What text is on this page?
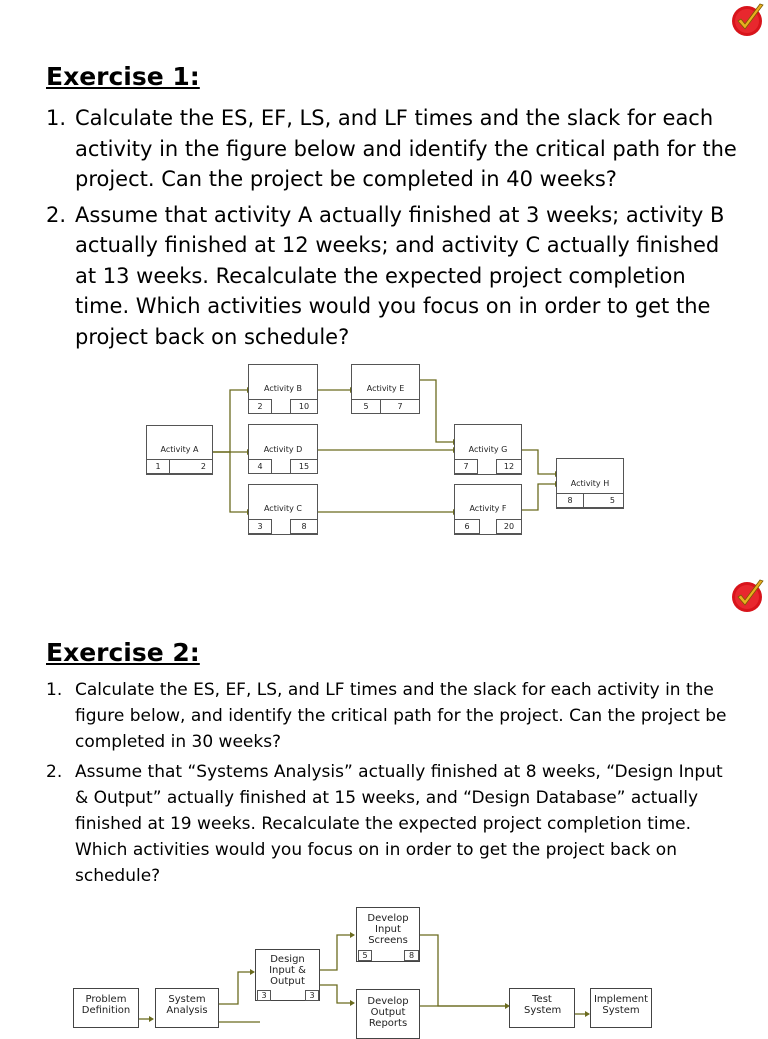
Exercise 1:
1. Calculate the ES, EF, LS, and LF times and the slack for each activity in the figure below and identify the critical path for the project. Can the project be completed in 40 weeks?
2. Assume that activity A actually finished at 3 weeks; activity B actually finished at 12 weeks; and activity C actually finished at 13 weeks. Recalculate the expected project completion time. Which activities would you focus on in order to get the project back on schedule?
Activity A
1	2
Activity B
2	10
Activity D
4	15
Activity C
3	8
Activity E
5	7
Activity G
7	12
Activity F
6	20
Activity H
8	5
Exercise 2:
1. Calculate the ES, EF, LS, and LF times and the slack for each activity in the figure below, and identify the critical path for the project. Can the project be completed in 30 weeks?
2. Assume that “Systems Analysis” actually finished at 8 weeks, “Design Input & Output” actually finished at 15 weeks, and “Design Database” actually finished at 19 weeks. Recalculate the expected project completion time. Which activities would you focus on in order to get the project back on schedule?
Problem Definition
System Analysis
Design Input & Output
3	3
Develop Input Screens
5	8
Develop Output Reports
Test System
Implement System
